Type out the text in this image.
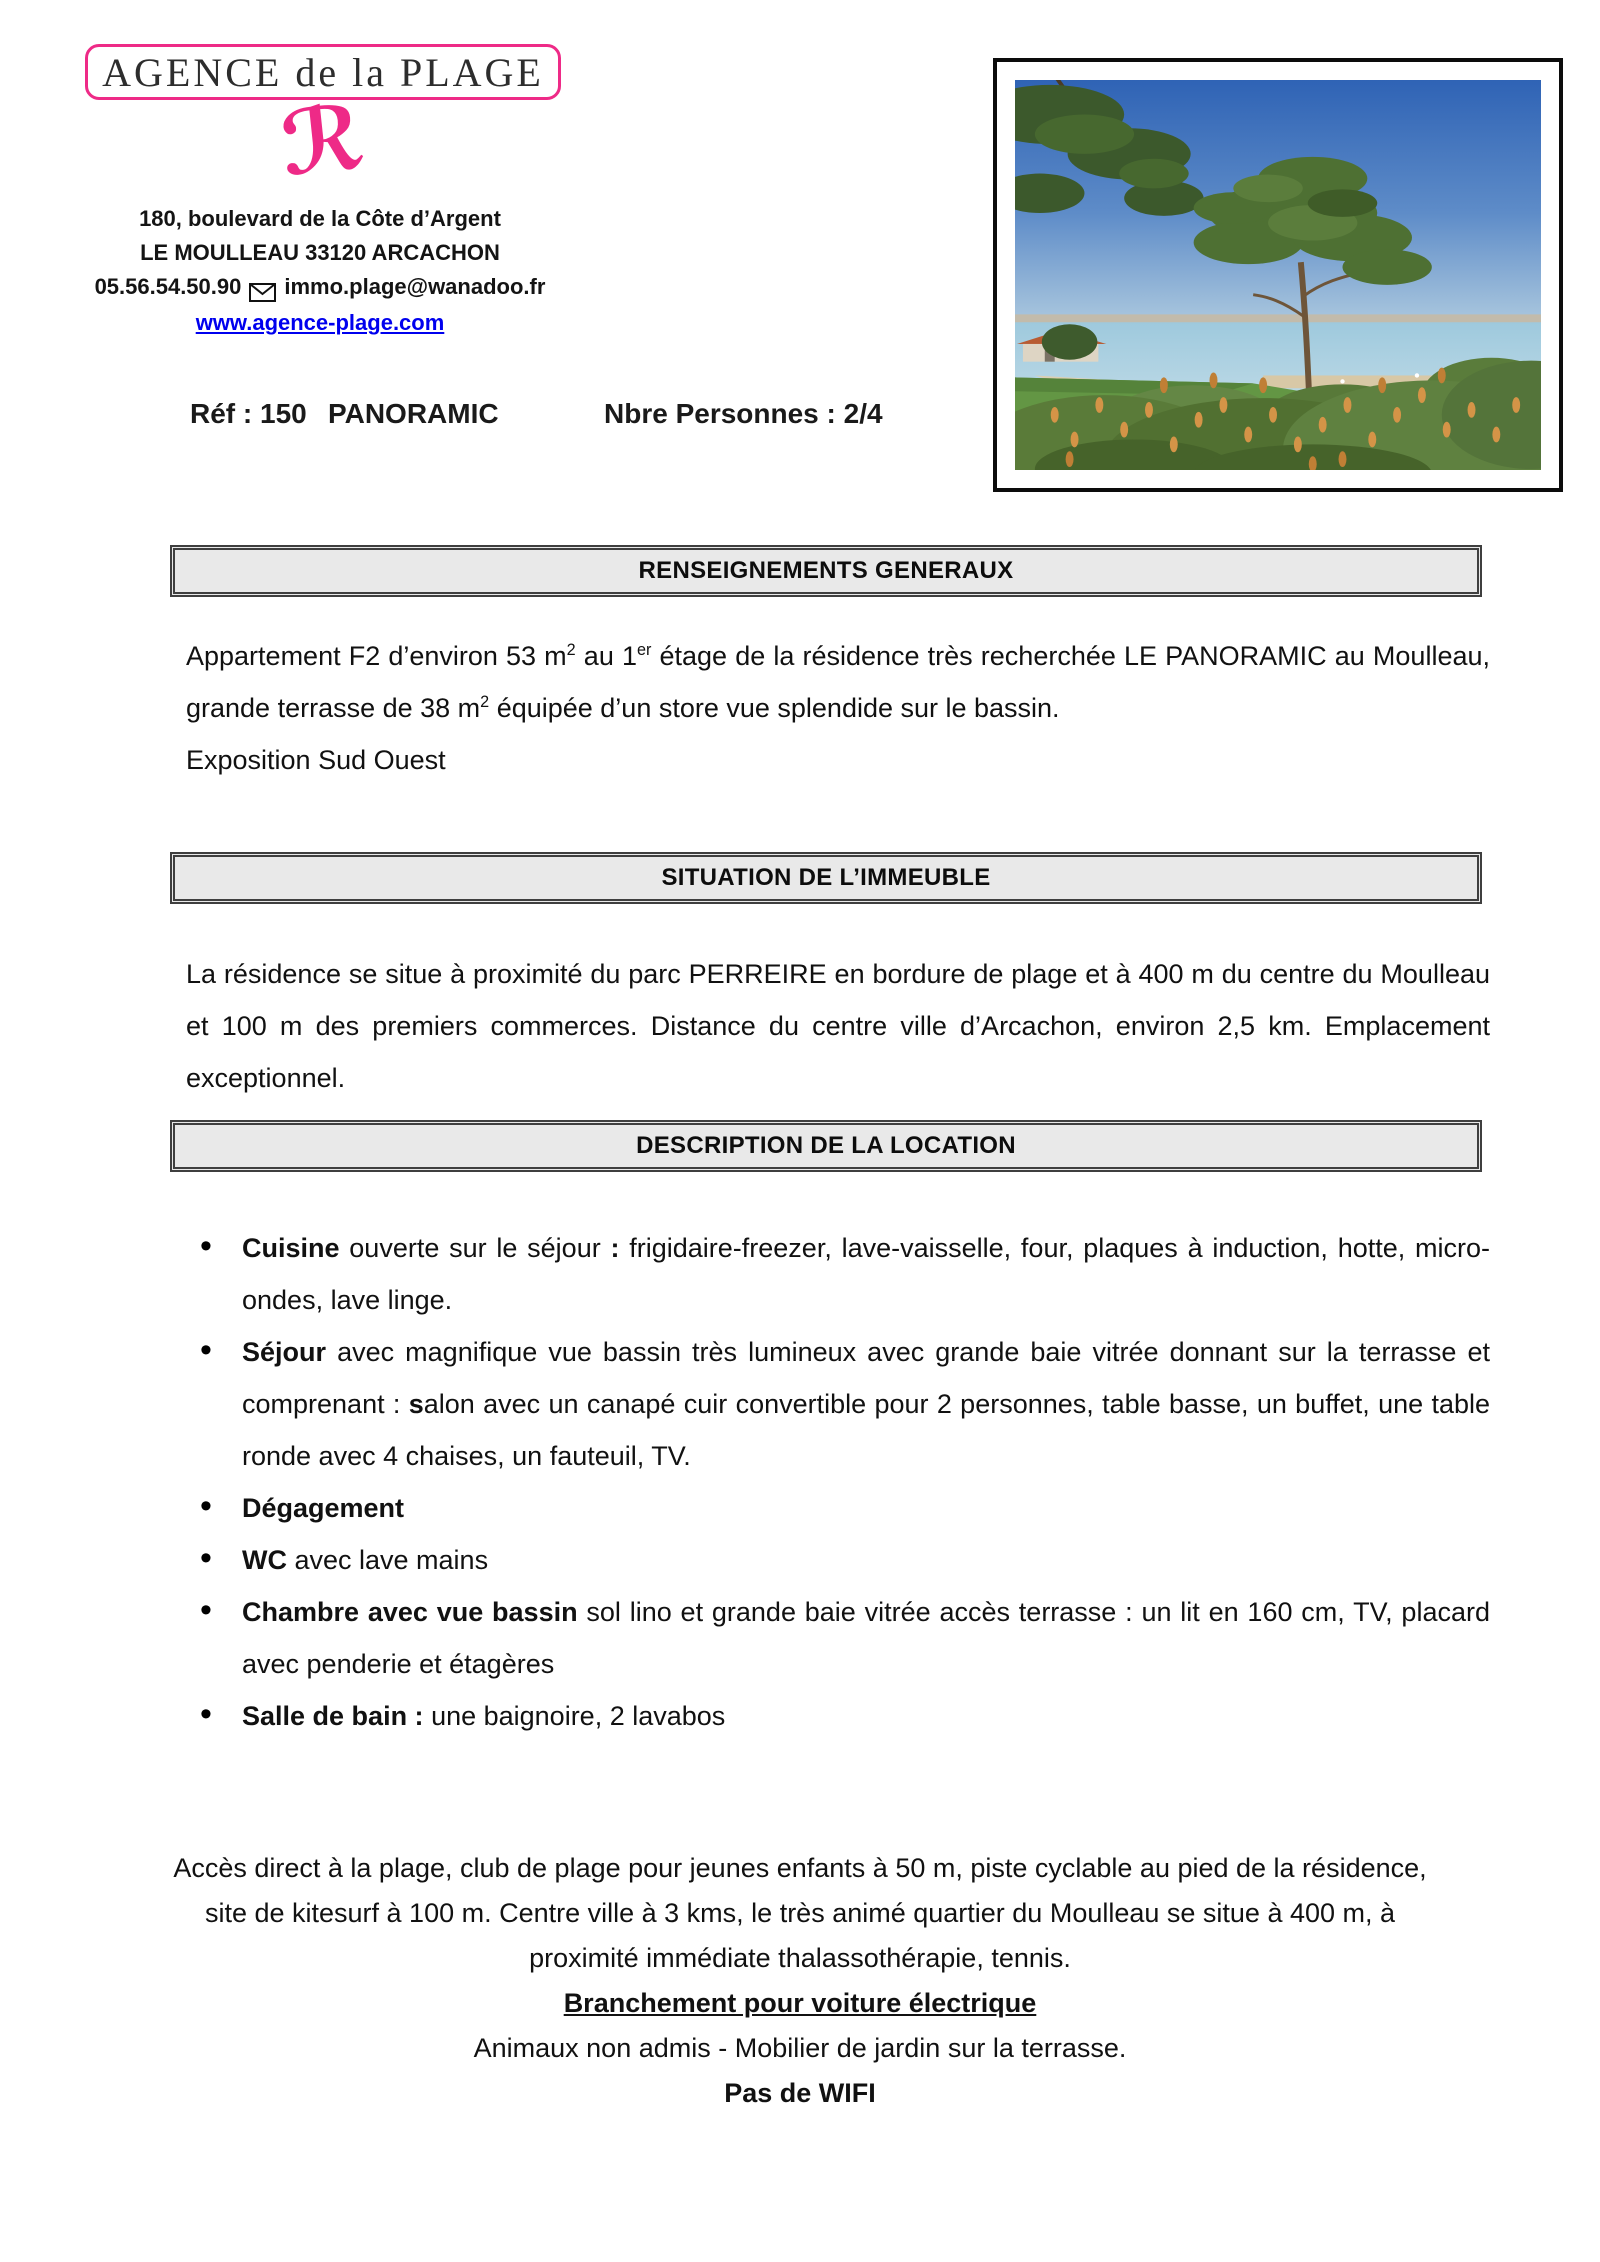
AGENCE de la PLAGE
ℛ
180, boulevard de la Côte d’Argent
LE MOULLEAU 33120 ARCACHON
05.56.54.50.90 immo.plage@wanadoo.fr
www.agence-plage.com
Réf : 150 PANORAMIC	Nbre Personnes : 2/4
RENSEIGNEMENTS GENERAUX
Appartement F2 d’environ 53 $m^2$ au 1er étage de la résidence très recherchée LE PANORAMIC au Moulleau, grande terrasse de 38 $m^2$ équipée d’un store vue splendide sur le bassin.
Exposition Sud Ouest
SITUATION DE L’IMMEUBLE
La résidence se situe à proximité du parc PERREIRE en bordure de plage et à 400 m du centre du Moulleau et 100 m des premiers commerces. Distance du centre ville d’Arcachon, environ 2,5 km. Emplacement exceptionnel.
DESCRIPTION DE LA LOCATION
• Cuisine ouverte sur le séjour : frigidaire-freezer, lave-vaisselle, four, plaques à induction, hotte, micro-ondes, lave linge.
• Séjour avec magnifique vue bassin très lumineux avec grande baie vitrée donnant sur la terrasse et comprenant : salon avec un canapé cuir convertible pour 2 personnes, table basse, un buffet, une table ronde avec 4 chaises, un fauteuil, TV.
• Dégagement
• WC avec lave mains
• Chambre avec vue bassin sol lino et grande baie vitrée accès terrasse : un lit en 160 cm, TV, placard avec penderie et étagères
• Salle de bain : une baignoire, 2 lavabos
Accès direct à la plage, club de plage pour jeunes enfants à 50 m, piste cyclable au pied de la résidence, site de kitesurf à 100 m. Centre ville à 3 kms, le très animé quartier du Moulleau se situe à 400 m, à proximité immédiate thalassothérapie, tennis.
Branchement pour voiture électrique
Animaux non admis - Mobilier de jardin sur la terrasse.
Pas de WIFI
